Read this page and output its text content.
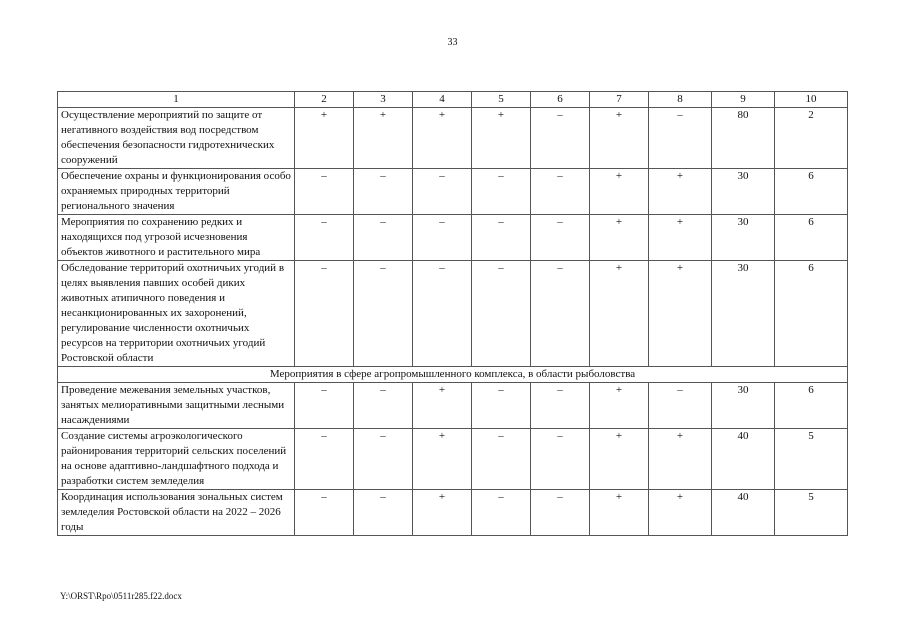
33
1	2	3	4	5	6	7	8	9	10
Осуществление мероприятий по защите от негативного воздействия вод посредством обеспечения безопасности гидротехнических сооружений	+	+	+	+	–	+	–	80	2
Обеспечение охраны и функционирования особо охраняемых природных территорий регионального значения	–	–	–	–	–	+	+	30	6
Мероприятия по сохранению редких и находящихся под угрозой исчезновения объектов животного и растительного мира	–	–	–	–	–	+	+	30	6
Обследование территорий охотничьих угодий в целях выявления павших особей диких животных атипичного поведения и несанкционированных их захоронений, регулирование численности охотничьих ресурсов на территории охотничьих угодий Ростовской области	–	–	–	–	–	+	+	30	6
Мероприятия в сфере агропромышленного комплекса, в области рыболовства									
Проведение межевания земельных участков, занятых мелиоративными защитными лесными насаждениями	–	–	+	–	–	+	–	30	6
Создание системы агроэкологического районирования территорий сельских поселений на основе адаптивно-ландшафтного подхода и разработки систем земледелия	–	–	+	–	–	+	+	40	5
Координация использования зональных систем земледелия Ростовской области на 2022 – 2026 годы	–	–	+	–	–	+	+	40	5
Y:\ORST\Rpo\0511r285.f22.docx
